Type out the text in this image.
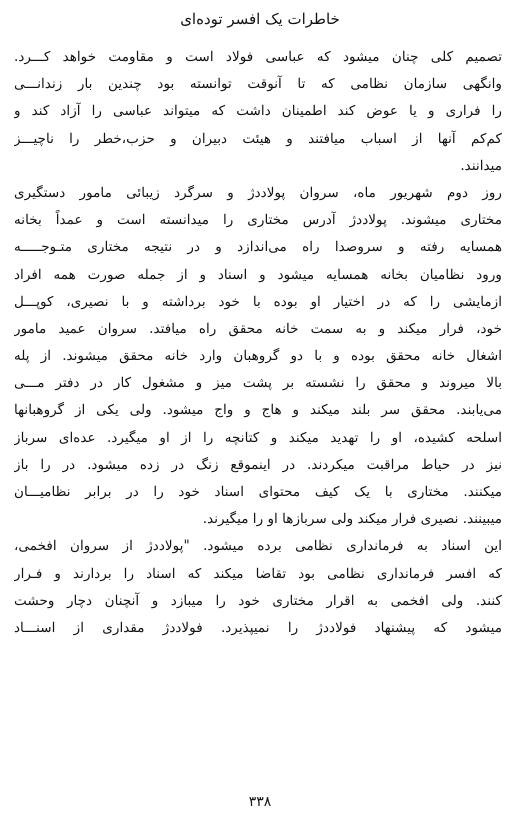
خاطرات یک افسر توده‌ای
تصمیم کلی چنان میشود که عباسی فولاد است و مقاومت خواهد کـــرد.
وانگهی سازمان نظامی که تا آنوقت توانسته بود چندین بار زندانـــی
را فراری و یا عوض کند اطمینان داشت که میتواند عباسی را آزاد کند و
کم‌کم آنها از اسباب میافتند و هیئت دبیران و حزب،خطر را ناچیـــز
میدانند.
روز دوم شهریور ماه، سروان پولاددژ و سرگرد زیبائی مامور دستگیری
مختاری میشوند. پولاددژ آدرس مختاری را میدانسته است و عمداً بخانه
همسایه رفته و سروصدا راه می‌اندازد و در نتیجه مختاری متـوجـــــه
ورود نظامیان بخانه همسایه میشود و اسناد و از جمله صورت همه افراد
ازمایشی را که در اختیار او بوده با خود برداشته و با نصیری، کوپـــل
خود، فرار میکند و به سمت خانه محقق راه میافتد. سروان عمید مامور
اشغال خانه محقق بوده و با دو گروهبان وارد خانه محقق میشوند. از پله
بالا میروند و محقق را نشسته بر پشت میز و مشغول کار در دفتر مـــی
می‌یابند. محقق سر بلند میکند و هاج و واج میشود. ولی یکی از گروهبانها
اسلحه کشیده، او را تهدید میکند و کتانچه را از او میگیرد. عده‌ای سرباز
نیز در حیاط مراقبت میکردند. در اینموقع زنگ در زده میشود. در را باز
میکنند. مختاری با یک کیف محتوای اسناد خود را در برابر نظامیـــان
میبینند. نصیری فرار میکند ولی سربازها او را میگیرند.
این اسناد به فرمانداری نظامی برده میشود. "پولاددژ از سروان افخمی،
که افسر فرمانداری نظامی بود تقاضا میکند که اسناد را بردارند و فـرار
کنند. ولی افخمی به اقرار مختاری خود را میبازد و آنچنان دچار وحشت
میشود که پیشنهاد فولاددژ را نمیپذیرد. فولاددژ مقداری از اسنـــاد
۳۳۸
